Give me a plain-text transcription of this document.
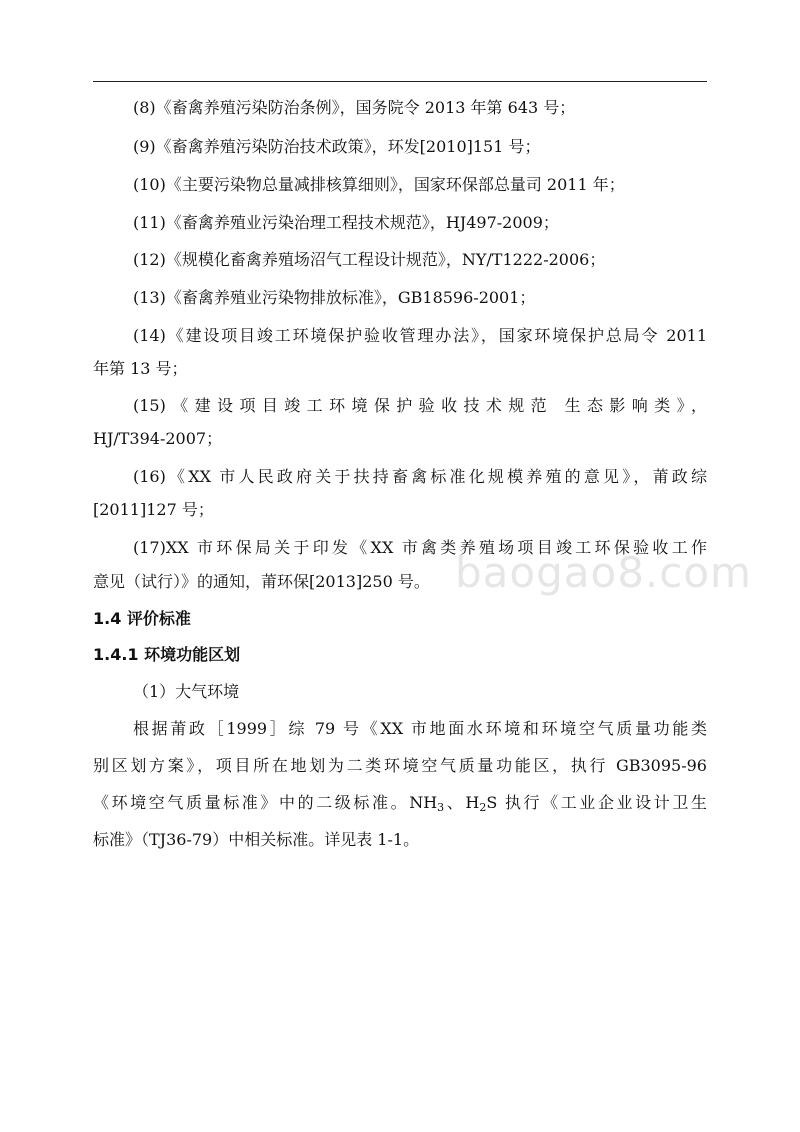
baogao8.com

(8)《畜禽养殖污染防治条例》，国务院令 2013 年第 643 号；

(9)《畜禽养殖污染防治技术政策》，环发[2010]151 号；

(10)《主要污染物总量减排核算细则》，国家环保部总量司 2011 年；

(11)《畜禽养殖业污染治理工程技术规范》，HJ497-2009；

(12)《规模化畜禽养殖场沼气工程设计规范》，NY/T1222-2006；

(13)《畜禽养殖业污染物排放标准》，GB18596-2001；

(14)《建设项目竣工环境保护验收管理办法》，国家环境保护总局令 2011

年第 13 号；

(15)《建设项目竣工环境保护验收技术规范 生态影响类》，

HJ/T394-2007；

(16)《XX 市人民政府关于扶持畜禽标准化规模养殖的意见》，莆政综

[2011]127 号；

(17)XX 市环保局关于印发《XX 市禽类养殖场项目竣工环保验收工作

意见（试行）》的通知，莆环保[2013]250 号。

1.4 评价标准

1.4.1 环境功能区划

（1）大气环境

根据莆政［1999］综 79 号《XX 市地面水环境和环境空气质量功能类

别区划方案》，项目所在地划为二类环境空气质量功能区，执行 GB3095-96

《环境空气质量标准》中的二级标准。$NH_3$、$H_2S$ 执行《工业企业设计卫生

标准》（TJ36-79）中相关标准。详见表 1-1。
